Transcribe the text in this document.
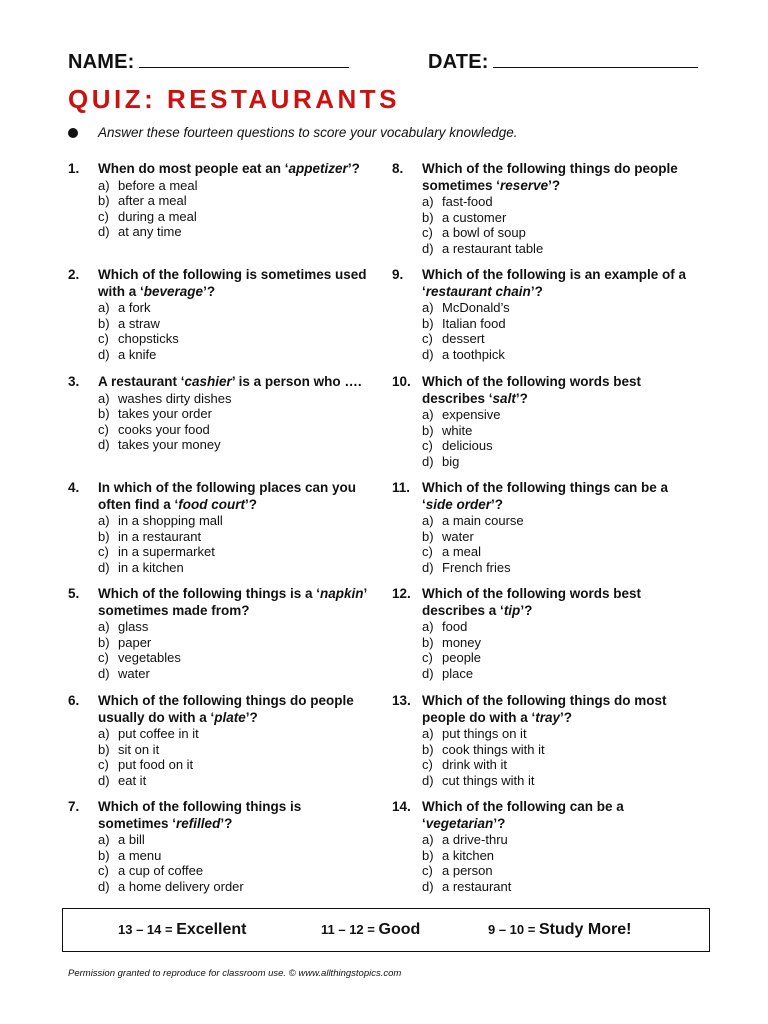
NAME:	DATE:
QUIZ: RESTAURANTS
Answer these fourteen questions to score your vocabulary knowledge.
1. When do most people eat an ‘appetizer’?
a) before a meal
b) after a meal
c) during a meal
d) at any time
2. Which of the following is sometimes used with a ‘beverage’?
a) a fork
b) a straw
c) chopsticks
d) a knife
3. A restaurant ‘cashier’ is a person who ….
a) washes dirty dishes
b) takes your order
c) cooks your food
d) takes your money
4. In which of the following places can you often find a ‘food court’?
a) in a shopping mall
b) in a restaurant
c) in a supermarket
d) in a kitchen
5. Which of the following things is a ‘napkin’ sometimes made from?
a) glass
b) paper
c) vegetables
d) water
6. Which of the following things do people usually do with a ‘plate’?
a) put coffee in it
b) sit on it
c) put food on it
d) eat it
7. Which of the following things is sometimes ‘refilled’?
a) a bill
b) a menu
c) a cup of coffee
d) a home delivery order
8. Which of the following things do people sometimes ‘reserve’?
a) fast-food
b) a customer
c) a bowl of soup
d) a restaurant table
9. Which of the following is an example of a ‘restaurant chain’?
a) McDonald’s
b) Italian food
c) dessert
d) a toothpick
10. Which of the following words best describes ‘salt’?
a) expensive
b) white
c) delicious
d) big
11. Which of the following things can be a ‘side order’?
a) a main course
b) water
c) a meal
d) French fries
12. Which of the following words best describes a ‘tip’?
a) food
b) money
c) people
d) place
13. Which of the following things do most people do with a ‘tray’?
a) put things on it
b) cook things with it
c) drink with it
d) cut things with it
14. Which of the following can be a ‘vegetarian’?
a) a drive-thru
b) a kitchen
c) a person
d) a restaurant
13 – 14 = Excellent	11 – 12 = Good	9 – 10 = Study More!
Permission granted to reproduce for classroom use. © www.allthingstopics.com
